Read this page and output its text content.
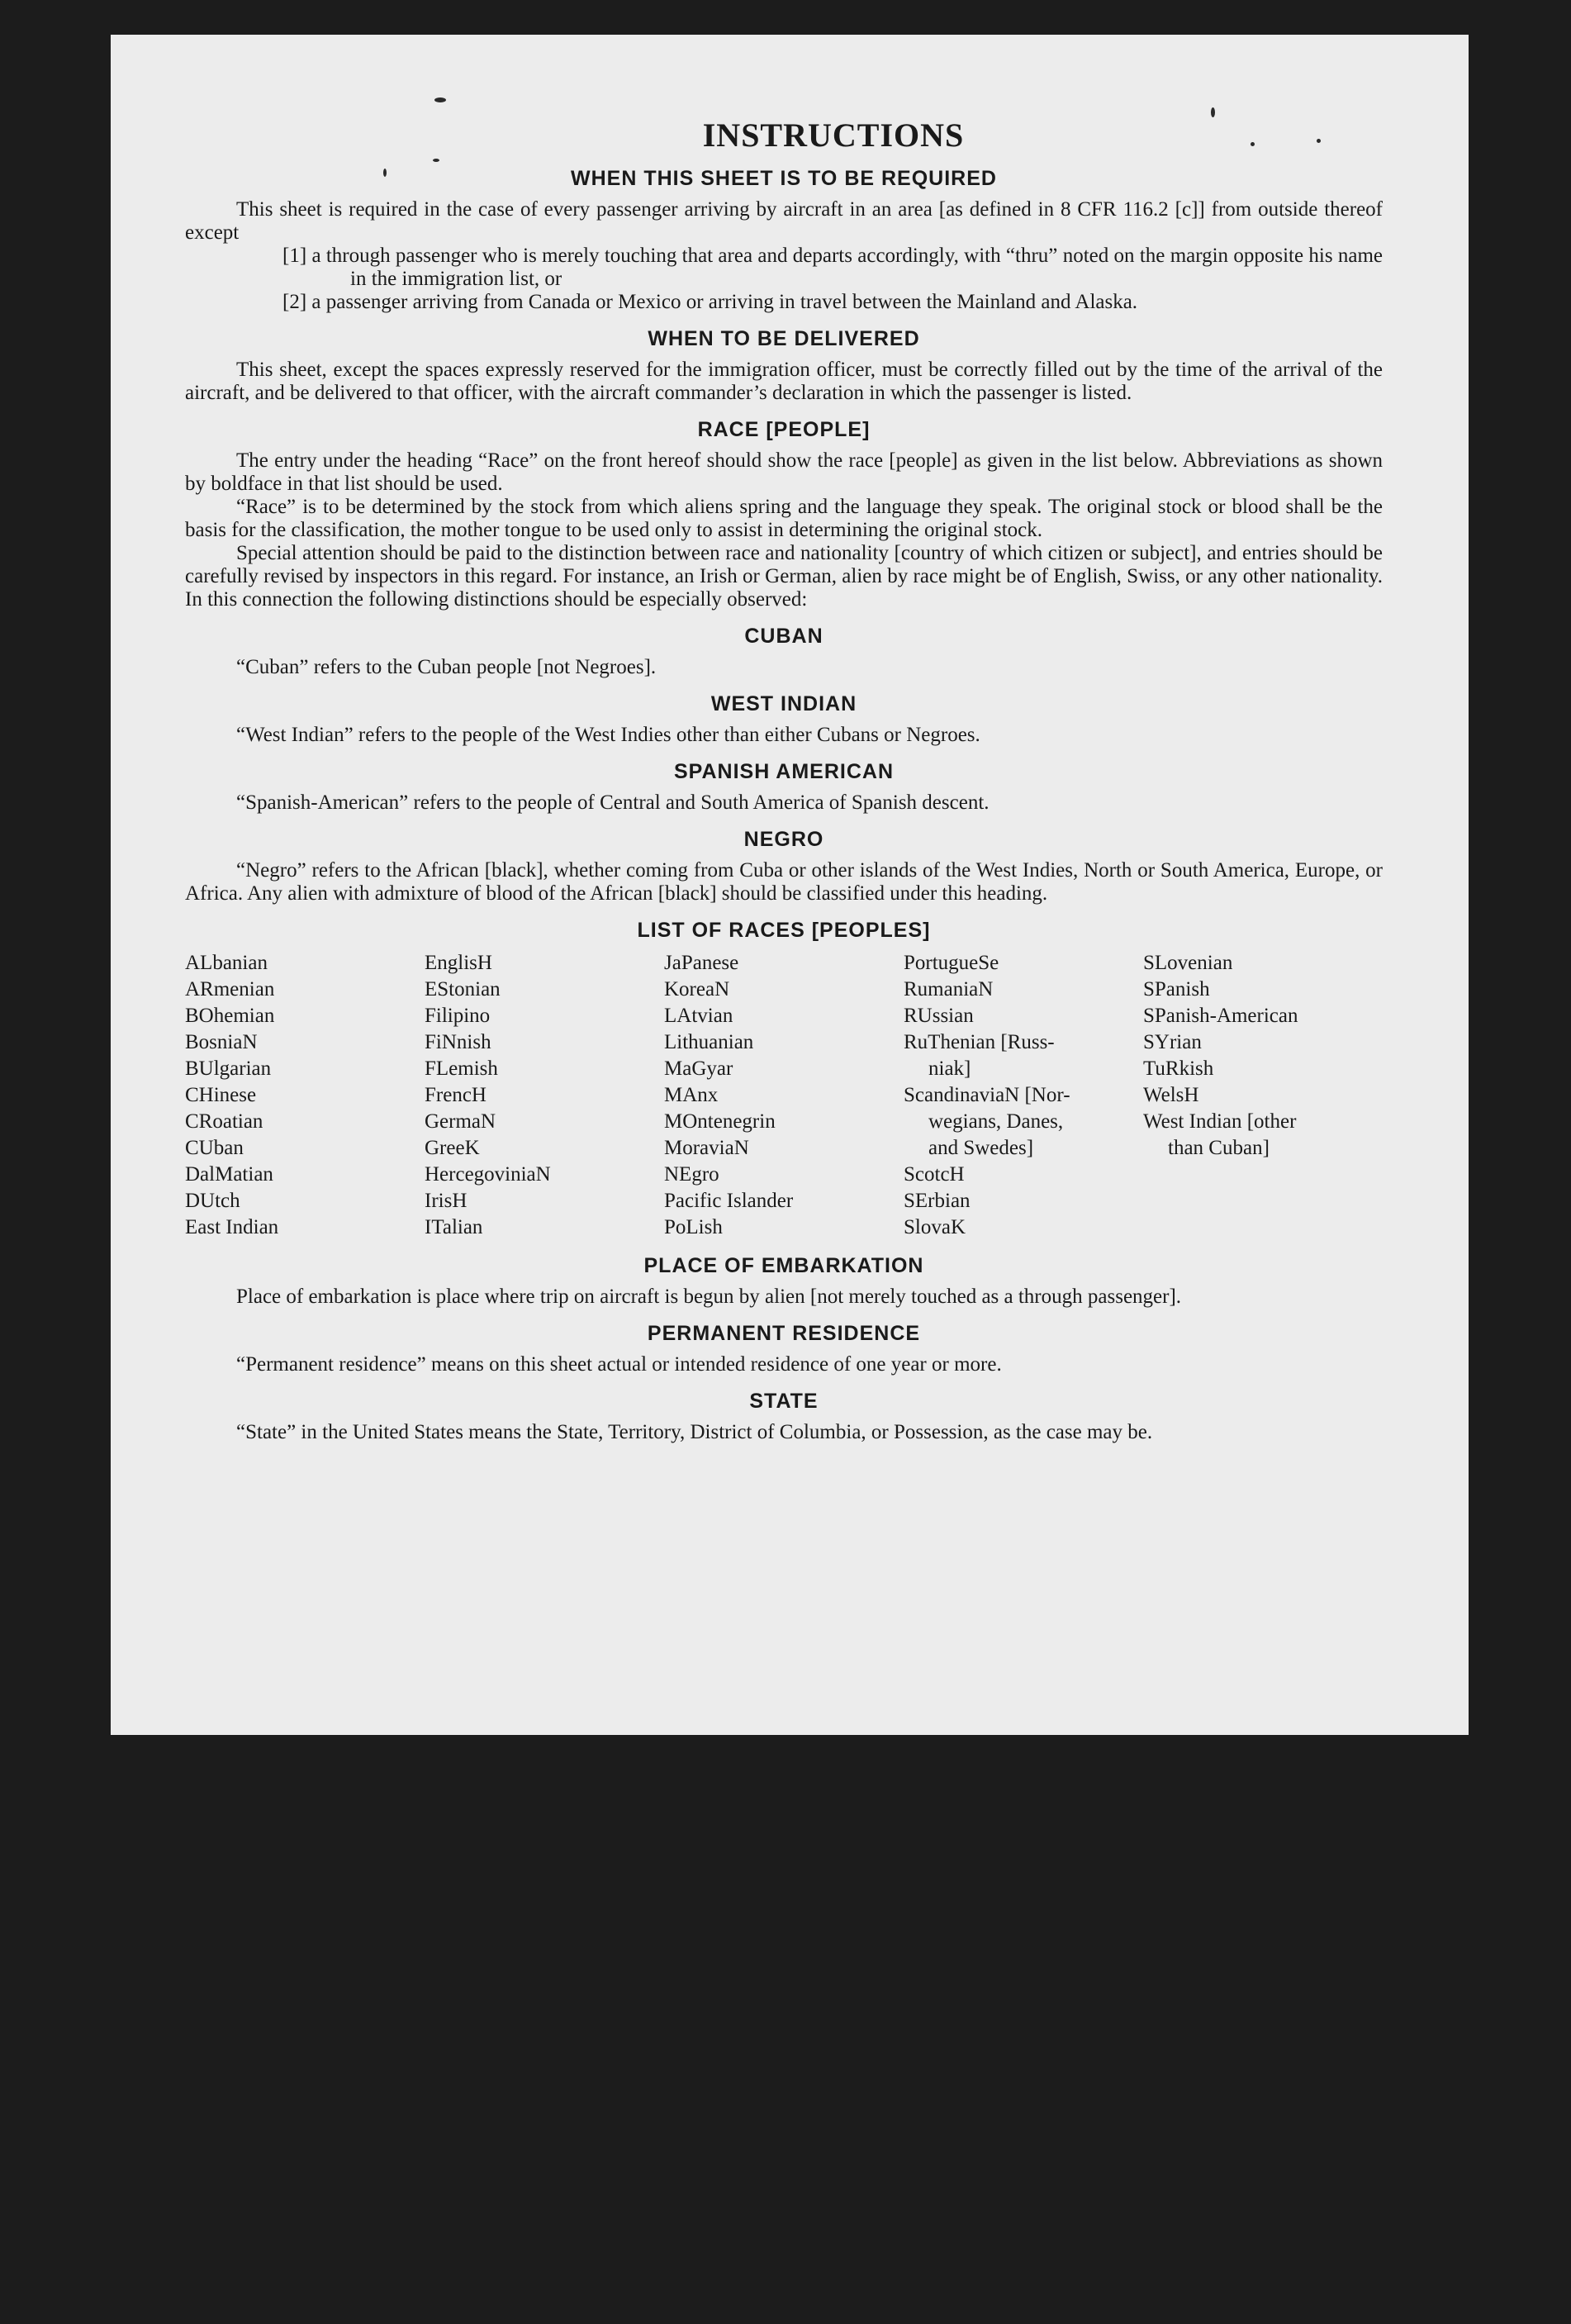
INSTRUCTIONS
WHEN THIS SHEET IS TO BE REQUIRED

This sheet is required in the case of every passenger arriving by aircraft in an area [as defined in 8 CFR 116.2 [c]] from outside thereof except

[1] a through passenger who is merely touching that area and departs accordingly, with “thru” noted on the margin opposite his name in the immigration list, or

[2] a passenger arriving from Canada or Mexico or arriving in travel between the Mainland and Alaska.

WHEN TO BE DELIVERED

This sheet, except the spaces expressly reserved for the immigration officer, must be correctly filled out by the time of the arrival of the aircraft, and be delivered to that officer, with the aircraft commander’s declaration in which the passenger is listed.

RACE [PEOPLE]

The entry under the heading “Race” on the front hereof should show the race [people] as given in the list below. Abbreviations as shown by boldface in that list should be used.

“Race” is to be determined by the stock from which aliens spring and the language they speak. The original stock or blood shall be the basis for the classification, the mother tongue to be used only to assist in determining the original stock.

Special attention should be paid to the distinction between race and nationality [country of which citizen or subject], and entries should be carefully revised by inspectors in this regard. For instance, an Irish or German, alien by race might be of English, Swiss, or any other nationality. In this connection the following distinctions should be especially observed:

CUBAN

“Cuban” refers to the Cuban people [not Negroes].

WEST INDIAN

“West Indian” refers to the people of the West Indies other than either Cubans or Negroes.

SPANISH AMERICAN

“Spanish-American” refers to the people of Central and South America of Spanish descent.

NEGRO

“Negro” refers to the African [black], whether coming from Cuba or other islands of the West Indies, North or South America, Europe, or Africa. Any alien with admixture of blood of the African [black] should be classified under this heading.

LIST OF RACES [PEOPLES]
ALbanian
ARmenian
BOhemian
BosniaN
BUlgarian
CHinese
CRoatian
CUban
DalMatian
DUtch
East Indian
EnglisH
EStonian
Filipino
FiNnish
FLemish
FrencH
GermaN
GreeK
HercegoviniaN
IrisH
ITalian
JaPanese
KoreaN
LAtvian
Lithuanian
MaGyar
MAnx
MOntenegrin
MoraviaN
NEgro
Pacific Islander
PoLish
PortugueSe
RumaniaN
RUssian
RuThenian [Russ-
niak]
ScandinaviaN [Nor-
wegians, Danes,
and Swedes]
ScotcH
SErbian
SlovaK
SLovenian
SPanish
SPanish-American
SYrian
TuRkish
WelsH
West Indian [other
than Cuban]
PLACE OF EMBARKATION

Place of embarkation is place where trip on aircraft is begun by alien [not merely touched as a through passenger].

PERMANENT RESIDENCE

“Permanent residence” means on this sheet actual or intended residence of one year or more.

STATE

“State” in the United States means the State, Territory, District of Columbia, or Possession, as the case may be.
